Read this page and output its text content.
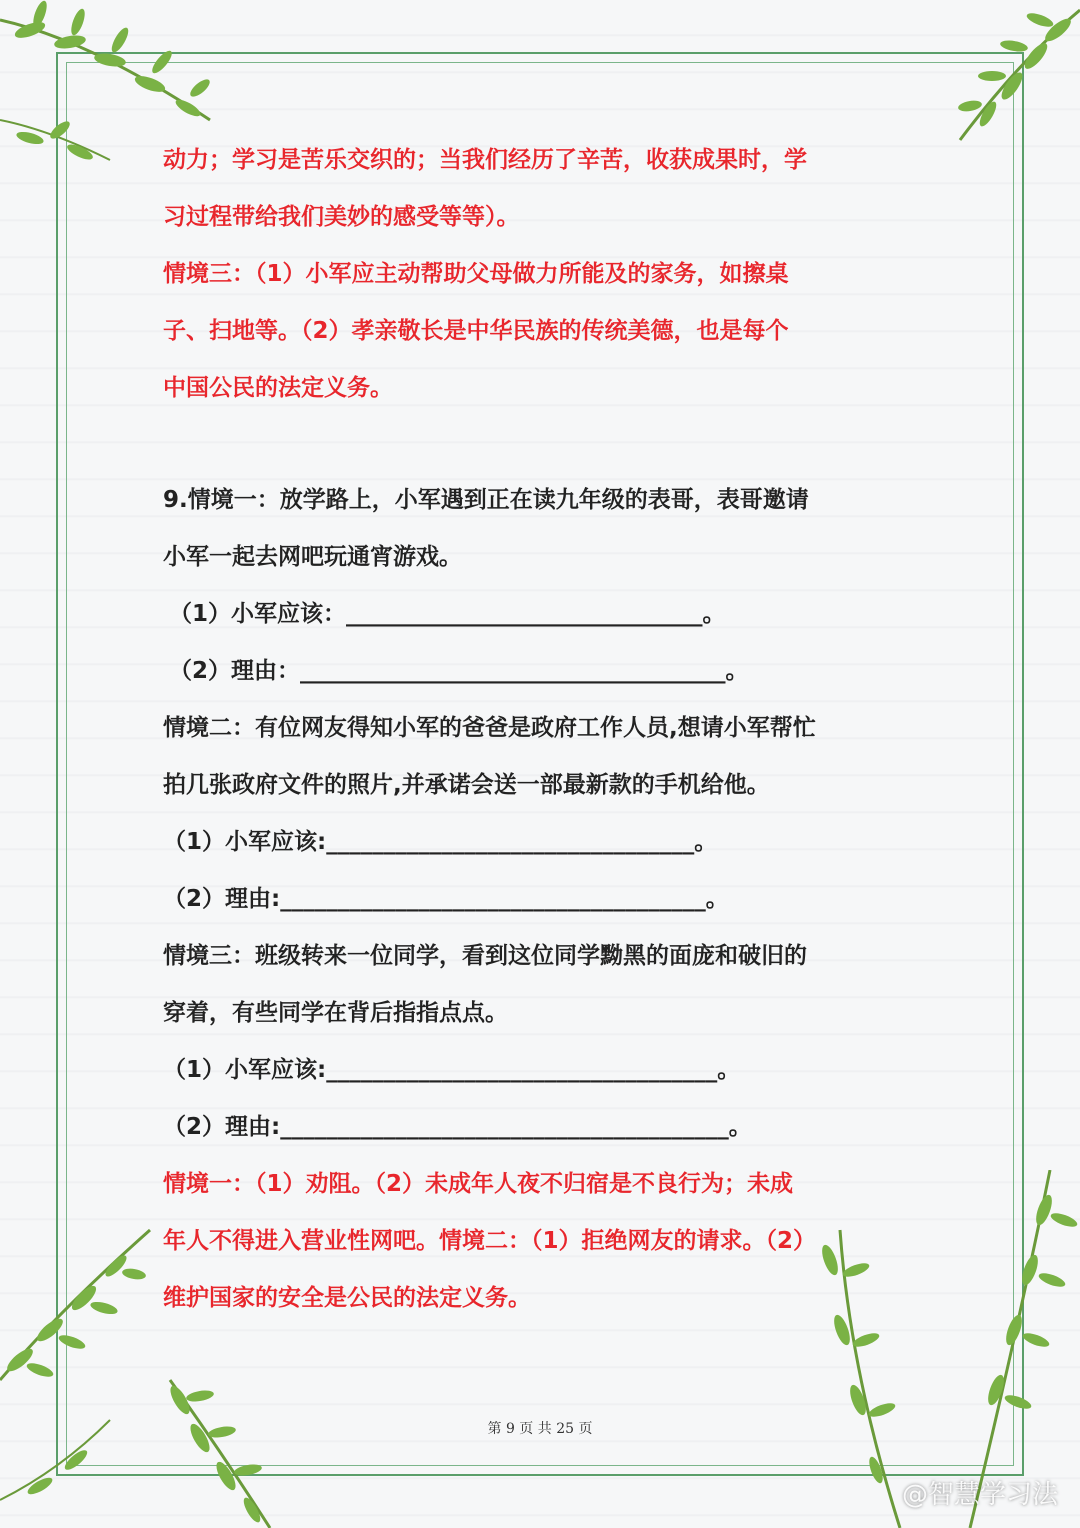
动力；学习是苦乐交织的；当我们经历了辛苦，收获成果时，学
习过程带给我们美妙的感受等等）。
情境三：（1）小军应主动帮助父母做力所能及的家务，如擦桌
子、扫地等。（2）孝亲敬长是中华民族的传统美德，也是每个
中国公民的法定义务。
9.情境一：放学路上，小军遇到正在读九年级的表哥，表哥邀请
小军一起去网吧玩通宵游戏。
（1）小军应该：_______________________________。
（2）理由：_____________________________________。
情境二：有位网友得知小军的爸爸是政府工作人员,想请小军帮忙
拍几张政府文件的照片,并承诺会送一部最新款的手机给他。
（1）小军应该:________________________________。
（2）理由:_____________________________________。
情境三：班级转来一位同学，看到这位同学黝黑的面庞和破旧的
穿着，有些同学在背后指指点点。
（1）小军应该:__________________________________。
（2）理由:_______________________________________。
情境一：（1）劝阻。（2）未成年人夜不归宿是不良行为；未成
年人不得进入营业性网吧。情境二：（1）拒绝网友的请求。（2）
维护国家的安全是公民的法定义务。
第 9 页 共 25 页
@智慧学习法
